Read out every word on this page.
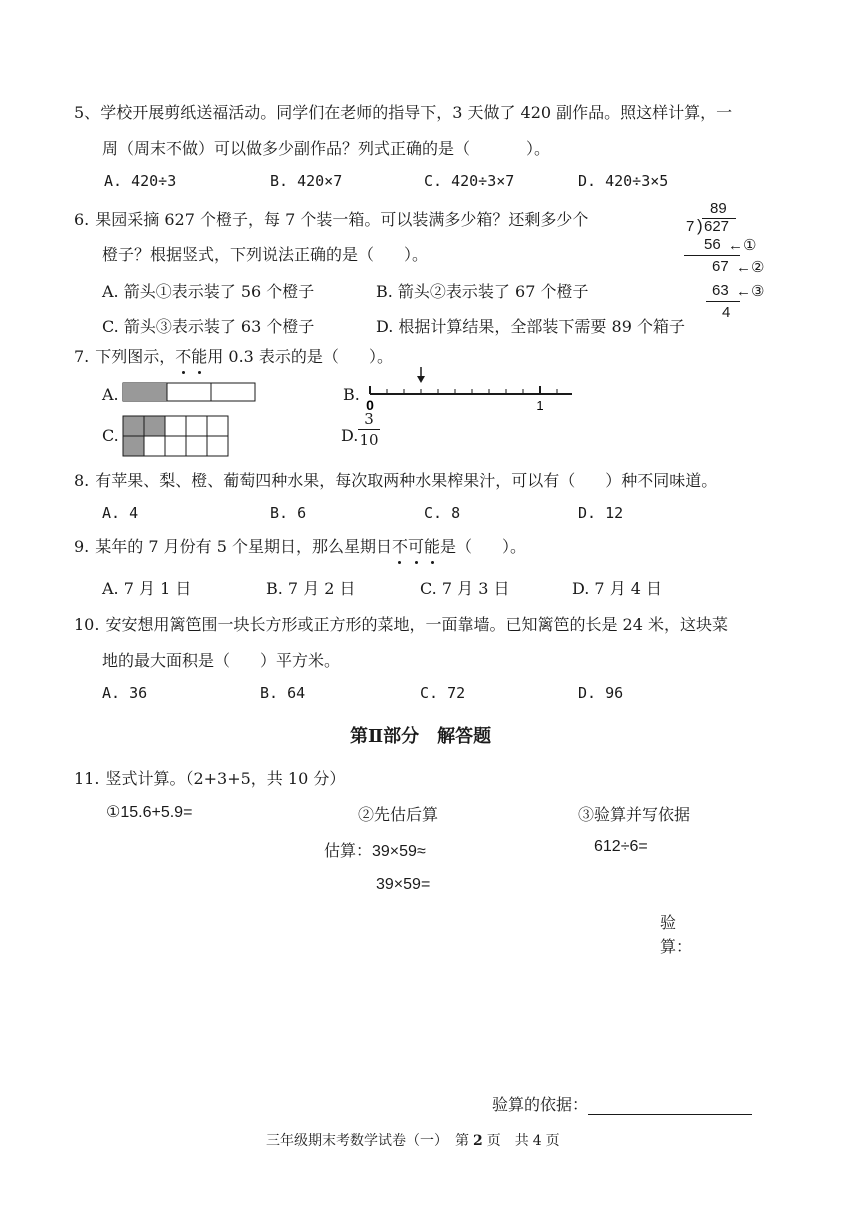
5、学校开展剪纸送福活动。同学们在老师的指导下，3 天做了 420 副作品。照这样计算，一
周（周末不做）可以做多少副作品？列式正确的是（	）。
A. 420÷3	B. 420×7	C. 420÷3×7	D. 420÷3×5
6. 果园采摘 627 个橙子，每 7 个装一箱。可以装满多少箱？还剩多少个
橙子？根据竖式，下列说法正确的是（ ）。
A. 箭头①表示装了 56 个橙子	B. 箭头②表示装了 67 个橙子
C. 箭头③表示装了 63 个橙子	D. 根据计算结果，全部装下需要 89 个箱子
89
7 ) 627
56 ←①
67 ←②
63 ←③
4
7. 下列图示，不能用 0.3 表示的是（ ）。
A.	B.
0	1
C.	D.
3
10
8. 有苹果、梨、橙、葡萄四种水果，每次取两种水果榨果汁，可以有（ ）种不同味道。
A. 4	B. 6	C. 8	D. 12
9. 某年的 7 月份有 5 个星期日，那么星期日不可能是（ ）。
A. 7 月 1 日	B. 7 月 2 日	C. 7 月 3 日	D. 7 月 4 日
10. 安安想用篱笆围一块长方形或正方形的菜地，一面靠墙。已知篱笆的长是 24 米，这块菜
地的最大面积是（ ）平方米。
A. 36	B. 64	C. 72	D. 96
第Ⅱ部分　解答题
11. 竖式计算。（2+3+5，共 10 分）
①15.6+5.9=	②先估后算	③验算并写依据
估算：39×59≈	612÷6=
39×59=
验
算：
验算的依据：
三年级期末考数学试卷（一）　第 2 页　共 4 页
